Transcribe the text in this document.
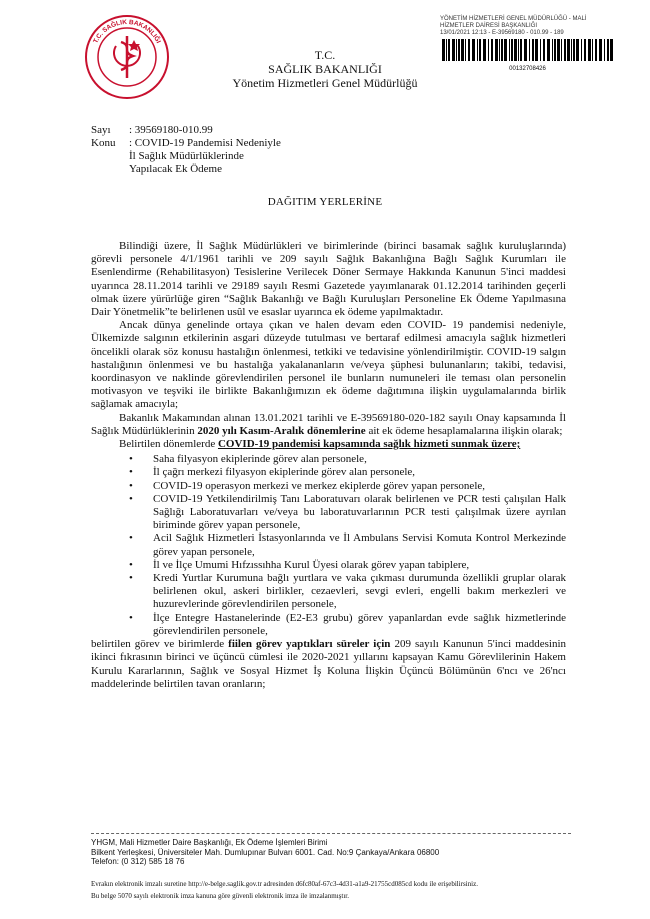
T.C. SAĞLIK BAKANLIĞI
T.C.
SAĞLIK BAKANLIĞI
Yönetim Hizmetleri Genel Müdürlüğü
YÖNETİM HİZMETLERİ GENEL MÜDÜRLÜĞÜ - MALİ
HİZMETLER DAİRESİ BAŞKANLIĞI
13/01/2021 12:13 - E-39569180 - 010.99 - 189
00132708426
Sayı	: 39569180-010.99
Konu	: COVID-19 Pandemisi Nedeniyle
İl Sağlık Müdürlüklerinde
Yapılacak Ek Ödeme
DAĞITIM YERLERİNE

Bilindiği üzere, İl Sağlık Müdürlükleri ve birimlerinde (birinci basamak sağlık kuruluşlarında) görevli personele 4/1/1961 tarihli ve 209 sayılı Sağlık Bakanlığına Bağlı Sağlık Kurumları ile Esenlendirme (Rehabilitasyon) Tesislerine Verilecek Döner Sermaye Hakkında Kanunun 5'inci maddesi uyarınca 28.11.2014 tarihli ve 29189 sayılı Resmi Gazetede yayımlanarak 01.12.2014 tarihinden geçerli olmak üzere yürürlüğe giren “Sağlık Bakanlığı ve Bağlı Kuruluşları Personeline Ek Ödeme Yapılmasına Dair Yönetmelik”te belirlenen usûl ve esaslar uyarınca ek ödeme yapılmaktadır.

Ancak dünya genelinde ortaya çıkan ve halen devam eden COVID- 19 pandemisi nedeniyle, Ülkemizde salgının etkilerinin asgari düzeyde tutulması ve bertaraf edilmesi amacıyla sağlık hizmetleri öncelikli olarak söz konusu hastalığın önlenmesi, tetkiki ve tedavisine yönlendirilmiştir. COVID-19 salgın hastalığının önlenmesi ve bu hastalığa yakalananların ve/veya şüphesi bulunanların; takibi, tedavisi, koordinasyon ve naklinde görevlendirilen personel ile bunların numuneleri ile teması olan personelin motivasyon ve teşviki ile birlikte Bakanlığımızın ek ödeme dağıtımına ilişkin uygulamalarında birlik sağlamak amacıyla;

Bakanlık Makamından alınan 13.01.2021 tarihli ve E-39569180-020-182 sayılı Onay kapsamında İl Sağlık Müdürlüklerinin 2020 yılı Kasım-Aralık dönemlerine ait ek ödeme hesaplamalarına ilişkin olarak;

Belirtilen dönemlerde COVID-19 pandemisi kapsamında sağlık hizmeti sunmak üzere;

• Saha filyasyon ekiplerinde görev alan personele,
• İl çağrı merkezi filyasyon ekiplerinde görev alan personele,
• COVID-19 operasyon merkezi ve merkez ekiplerde görev yapan personele,
• COVID-19 Yetkilendirilmiş Tanı Laboratuvarı olarak belirlenen ve PCR testi çalışılan Halk Sağlığı Laboratuvarları ve/veya bu laboratuvarlarının PCR testi çalışılmak üzere ayrılan biriminde görev yapan personele,
• Acil Sağlık Hizmetleri İstasyonlarında ve İl Ambulans Servisi Komuta Kontrol Merkezinde görev yapan personele,
• İl ve İlçe Umumi Hıfzıssıhha Kurul Üyesi olarak görev yapan tabiplere,
• Kredi Yurtlar Kurumuna bağlı yurtlara ve vaka çıkması durumunda özellikli gruplar olarak belirlenen okul, askeri birlikler, cezaevleri, sevgi evleri, engelli bakım merkezleri ve huzurevlerinde görevlendirilen personele,
• İlçe Entegre Hastanelerinde (E2-E3 grubu) görev yapanlardan evde sağlık hizmetlerinde görevlendirilen personele,

belirtilen görev ve birimlerde fiilen görev yaptıkları süreler için 209 sayılı Kanunun 5'inci maddesinin ikinci fıkrasının birinci ve üçüncü cümlesi ile 2020-2021 yıllarını kapsayan Kamu Görevlilerinin Hakem Kurulu Kararlarının, Sağlık ve Sosyal Hizmet İş Koluna İlişkin Üçüncü Bölümünün 6'ncı ve 26'ncı maddelerinde belirtilen tavan oranların;

YHGM, Mali Hizmetler Daire Başkanlığı, Ek Ödeme İşlemleri Birimi
Bilkent Yerleşkesi, Üniversiteler Mah. Dumlupınar Bulvarı 6001. Cad. No:9 Çankaya/Ankara 06800
Telefon: (0 312) 585 18 76
Evrakın elektronik imzalı suretine http://e-belge.saglik.gov.tr adresinden d6fc80af-67c3-4d31-a1a9-21755cd085cd kodu ile erişebilirsiniz.
Bu belge 5070 sayılı elektronik imza kanuna göre güvenli elektronik imza ile imzalanmıştır.
